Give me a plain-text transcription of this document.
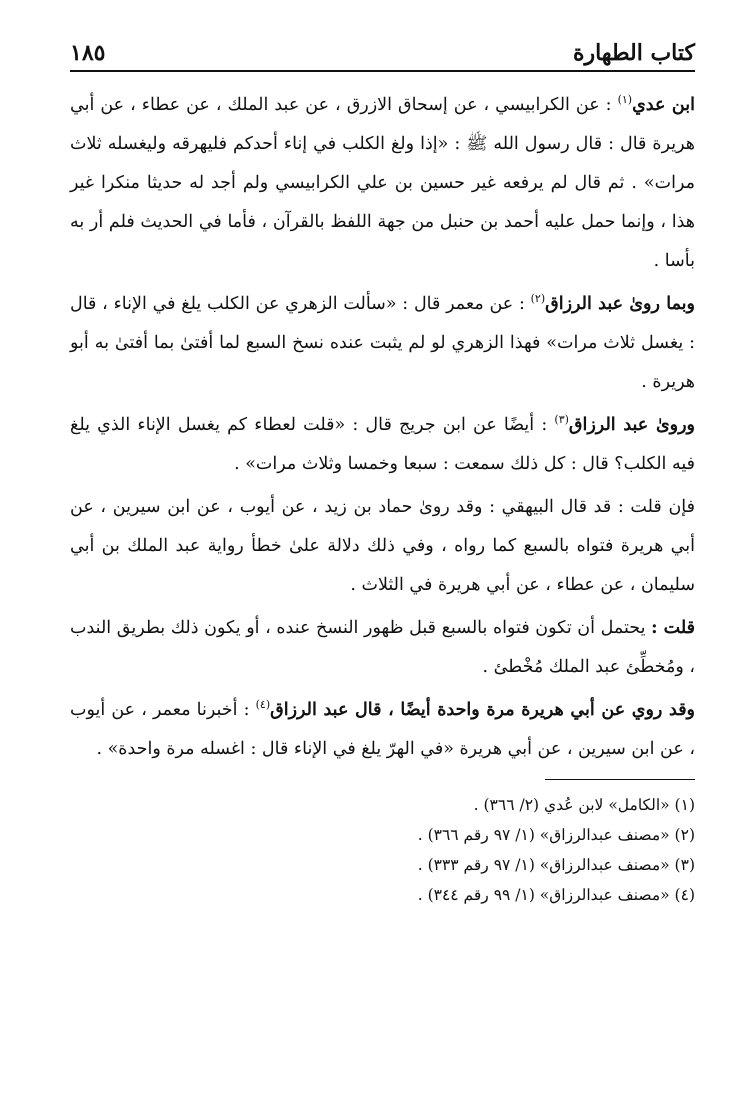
كتاب الطهارة
١٨٥

ابن عدي$^{(١)}$ : عن الكرابيسي ، عن إسحاق الازرق ، عن عبد الملك ، عن عطاء ، عن أبي هريرة قال : قال رسول الله ﷺ : «إذا ولغ الكلب في إناء أحدكم فليهرقه وليغسله ثلاث مرات» . ثم قال لم يرفعه غير حسين بن علي الكرابيسي ولم أجد له حديثا منكرا غير هذا ، وإنما حمل عليه أحمد بن حنبل من جهة اللفظ بالقرآن ، فأما في الحديث فلم أر به بأسا .

وبما روىٰ عبد الرزاق$^{(٢)}$ : عن معمر قال : «سألت الزهري عن الكلب يلغ في الإناء ، قال : يغسل ثلاث مرات» فهذا الزهري لو لم يثبت عنده نسخ السبع لما أفتىٰ بما أفتىٰ به أبو هريرة .

وروىٰ عبد الرزاق$^{(٣)}$ : أيضًا عن ابن جريج قال : «قلت لعطاء كم يغسل الإناء الذي يلغ فيه الكلب؟ قال : كل ذلك سمعت : سبعا وخمسا وثلاث مرات» .

فإن قلت : قد قال البيهقي : وقد روىٰ حماد بن زيد ، عن أيوب ، عن ابن سيرين ، عن أبي هريرة فتواه بالسبع كما رواه ، وفي ذلك دلالة علىٰ خطأ رواية عبد الملك بن أبي سليمان ، عن عطاء ، عن أبي هريرة في الثلاث .

قلت : يحتمل أن تكون فتواه بالسبع قبل ظهور النسخ عنده ، أو يكون ذلك بطريق الندب ، ومُخطِّئ عبد الملك مُخْطئ .

وقد روي عن أبي هريرة مرة واحدة أيضًا ، قال عبد الرزاق$^{(٤)}$ : أخبرنا معمر ، عن أيوب ، عن ابن سيرين ، عن أبي هريرة «في الهرّ يلغ في الإناء قال : اغسله مرة واحدة» .

(١) «الكامل» لابن عُدي (٢/ ٣٦٦) .

(٢) «مصنف عبدالرزاق» (١/ ٩٧ رقم ٣٦٦) .

(٣) «مصنف عبدالرزاق» (١/ ٩٧ رقم ٣٣٣) .

(٤) «مصنف عبدالرزاق» (١/ ٩٩ رقم ٣٤٤) .
